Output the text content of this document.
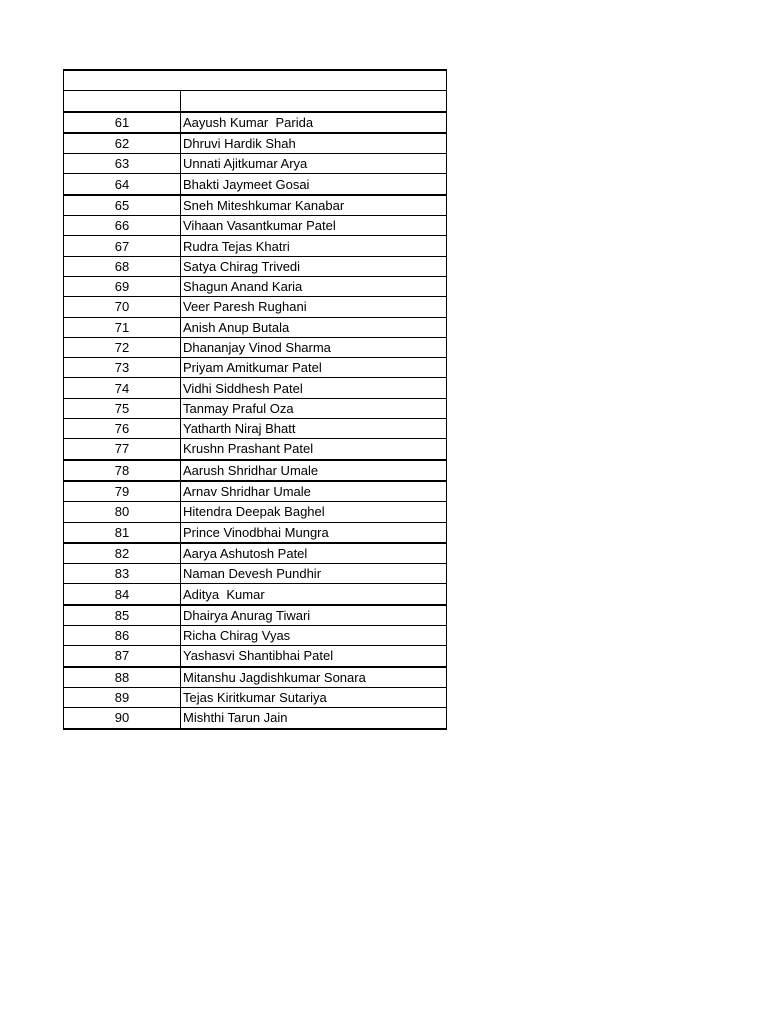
61	Aayush Kumar  Parida
62	Dhruvi Hardik Shah
63	Unnati Ajitkumar Arya
64	Bhakti Jaymeet Gosai
65	Sneh Miteshkumar Kanabar
66	Vihaan Vasantkumar Patel
67	Rudra Tejas Khatri
68	Satya Chirag Trivedi
69	Shagun Anand Karia
70	Veer Paresh Rughani
71	Anish Anup Butala
72	Dhananjay Vinod Sharma
73	Priyam Amitkumar Patel
74	Vidhi Siddhesh Patel
75	Tanmay Praful Oza
76	Yatharth Niraj Bhatt
77	Krushn Prashant Patel
78	Aarush Shridhar Umale
79	Arnav Shridhar Umale
80	Hitendra Deepak Baghel
81	Prince Vinodbhai Mungra
82	Aarya Ashutosh Patel
83	Naman Devesh Pundhir
84	Aditya  Kumar
85	Dhairya Anurag Tiwari
86	Richa Chirag Vyas
87	Yashasvi Shantibhai Patel
88	Mitanshu Jagdishkumar Sonara
89	Tejas Kiritkumar Sutariya
90	Mishthi Tarun Jain
